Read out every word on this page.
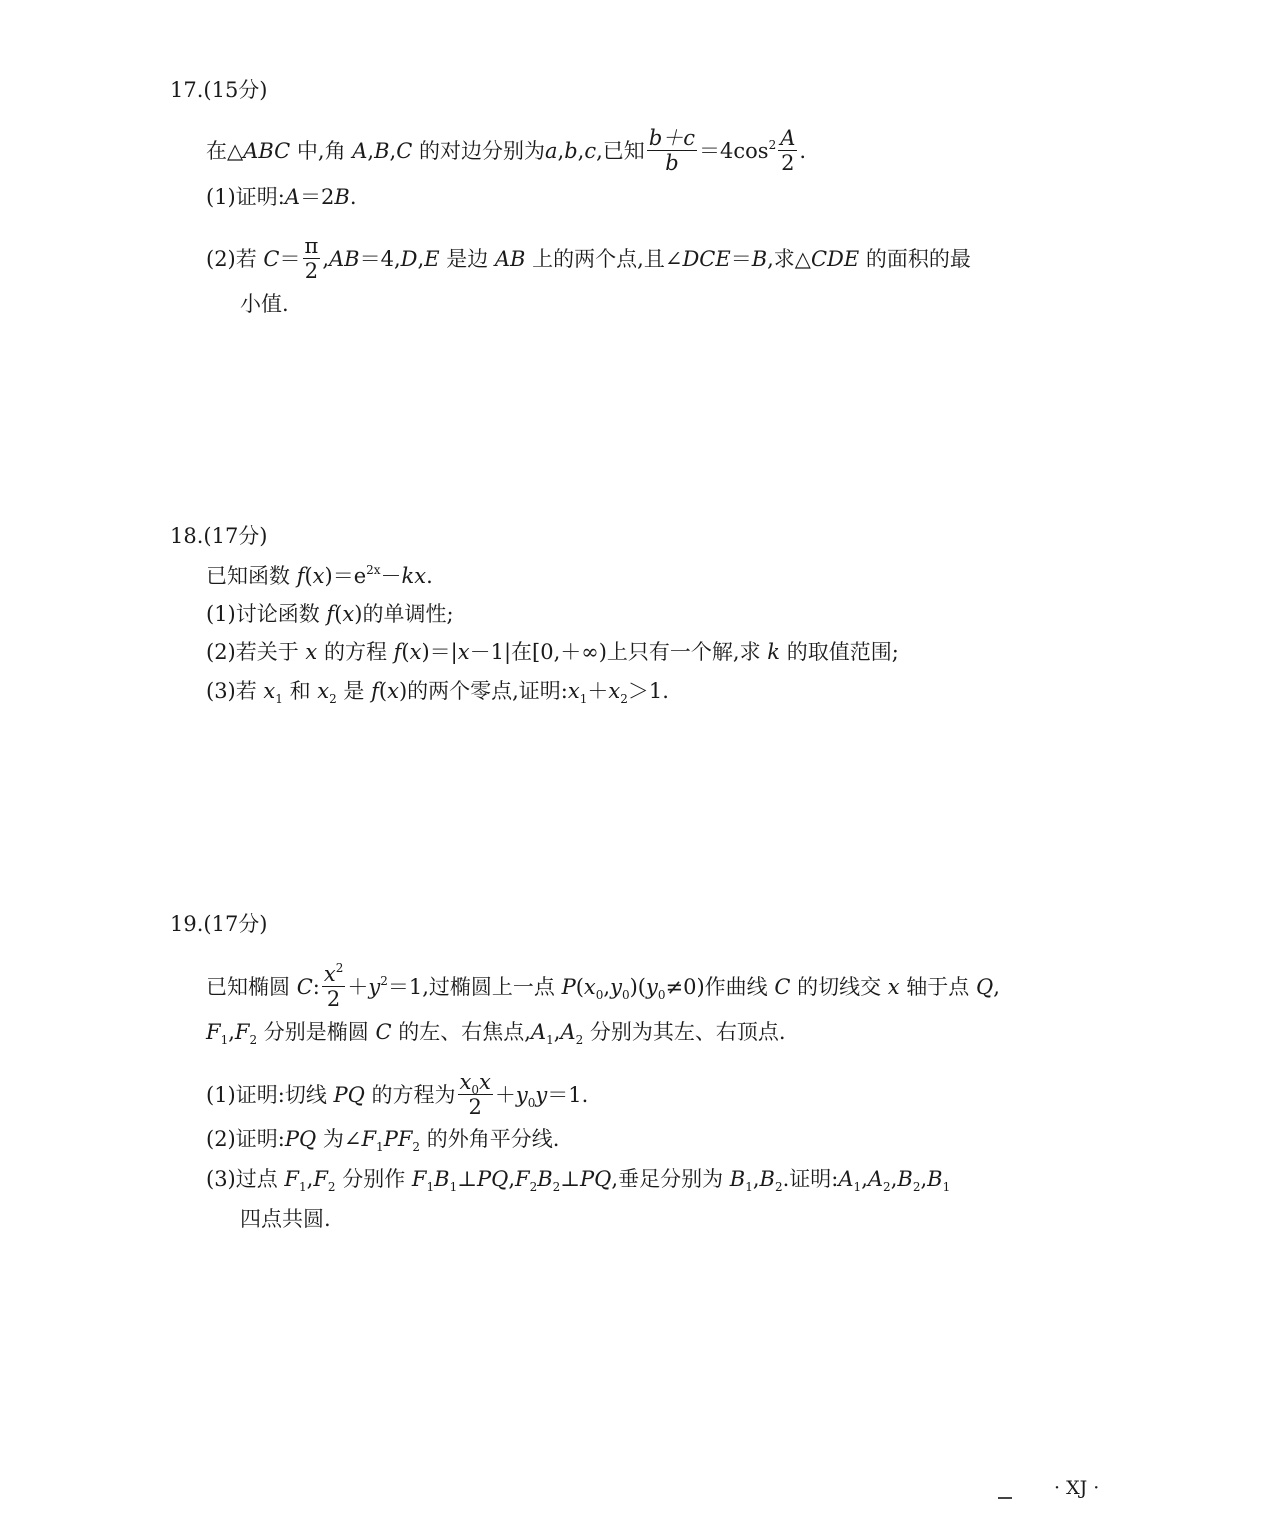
17.(15分)
在△ABC 中,角 A,B,C 的对边分别为a,b,c,已知 $\frac{b+c}{b} =4\cos^2 \frac{A}{2}$ .
(1)证明:A＝2B.
(2)若 $C= \frac{\pi}{2} ,AB=4,D,E$ 是边 AB 上的两个点,且∠DCE＝B,求△CDE 的面积的最
小值.
18.(17分)
已知函数 $f(x)=e^{2x}-kx$.
(1)讨论函数 f(x)的单调性;
(2)若关于 x 的方程 f(x)＝|x－1|在[0,＋∞)上只有一个解,求 k 的取值范围;
(3)若 $x_1$ 和 $x_2$ 是 f(x)的两个零点,证明$:x_1+x_2>1$.
19.(17分)
已知椭圆 C: $\frac{x^2}{2} +y^2=1$,过椭圆上一点 $P(x_0,y_0)(y_0\ne 0)$作曲线 C 的切线交 x 轴于点 Q,
$F_1,F_2$ 分别是椭圆 C 的左、右焦点$,A_1,A_2$ 分别为其左、右顶点.
(1)证明:切线 PQ 的方程为 $\frac{x_0x}{2} +y_0y=1$.
(2)证明:PQ 为$\angle F_1PF_2$ 的外角平分线.
(3)过点 $F_1,F_2$ 分别作 $F_1B_1\perp PQ,F_2B_2\perp PQ$,垂足分别为 $B_1,B_2$.证明$:A_1,A_2,B_2,B_1$
四点共圆.
· XJ ·
